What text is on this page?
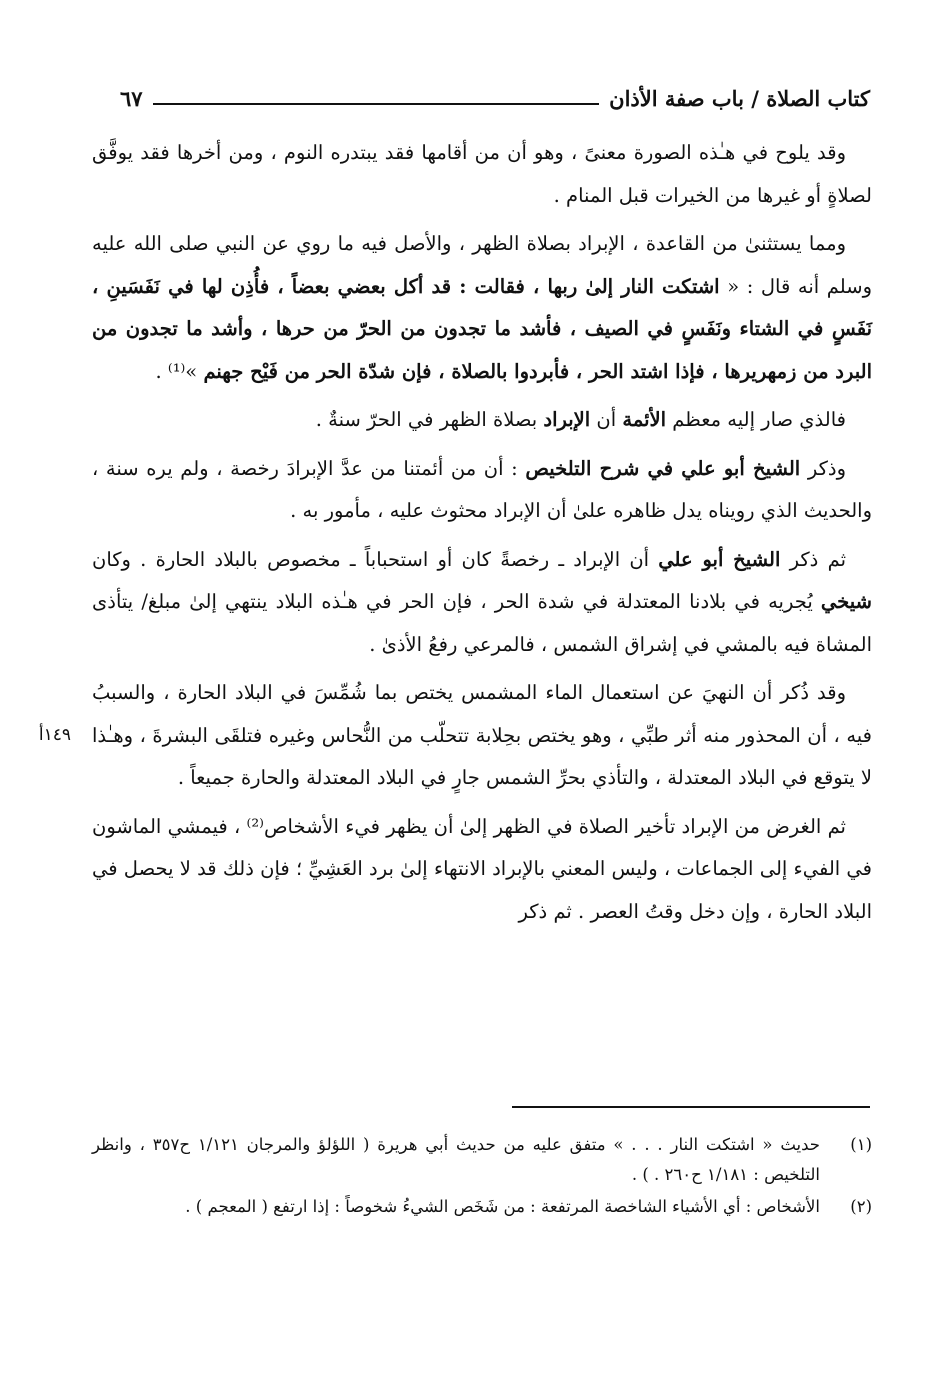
كتاب الصلاة / باب صفة الأذان
٦٧

وقد يلوح في هـٰذه الصورة معنىً ، وهو أن من أقامها فقد يبتدره النوم ، ومن أخرها فقد يوفَّق لصلاةٍ أو غيرها من الخيرات قبل المنام .

ومما يستثنىٰ من القاعدة ، الإبراد بصلاة الظهر ، والأصل فيه ما روي عن النبي صلى الله عليه وسلم أنه قال : « اشتكت النار إلىٰ ربها ، فقالت : قد أكل بعضي بعضاً ، فأُذِن لها في نَفَسَينِ ، نَفَسٍ في الشتاء ونَفَسٍ في الصيف ، فأشد ما تجدون من الحرّ من حرها ، وأشد ما تجدون من البرد من زمهريرها ، فإذا اشتد الحر ، فأبردوا بالصلاة ، فإن شدّة الحر من فَيْح جهنم »⁽¹⁾ .

فالذي صار إليه معظم الأئمة أن الإبراد بصلاة الظهر في الحرّ سنةٌ .

وذكر الشيخ أبو علي في شرح التلخيص : أن من أئمتنا من عدَّ الإبرادَ رخصة ، ولم يره سنة ، والحديث الذي رويناه يدل ظاهره علىٰ أن الإبراد محثوث عليه ، مأمور به .

ثم ذكر الشيخ أبو علي أن الإبراد ـ رخصةً كان أو استحباباً ـ مخصوص بالبلاد الحارة . وكان شيخي يُجريه في بلادنا المعتدلة في شدة الحر ، فإن الحر في هـٰذه البلاد ينتهي إلىٰ مبلغ/ يتأذى المشاة فيه بالمشي في إشراق الشمس ، فالمرعي رفعُ الأذىٰ .

وقد ذُكر أن النهيَ عن استعمال الماء المشمس يختص بما شُمِّسَ في البلاد الحارة ، والسببُ فيه ، أن المحذور منه أثر طبِّي ، وهو يختص بحِلابة تتحلّب من النُّحاس وغيره فتلقَى البشرةَ ، وهـٰذا لا يتوقع في البلاد المعتدلة ، والتأذي بحرِّ الشمس جارٍ في البلاد المعتدلة والحارة جميعاً .

ثم الغرض من الإبراد تأخير الصلاة في الظهر إلىٰ أن يظهر فيء الأشخاص⁽²⁾ ، فيمشي الماشون في الفيء إلى الجماعات ، وليس المعني بالإبراد الانتهاء إلىٰ برد العَشِيِّ ؛ فإن ذلك قد لا يحصل في البلاد الحارة ، وإن دخل وقتُ العصر . ثم ذكر

١٤٩أ
(١)
حديث « اشتكت النار . . . » متفق عليه من حديث أبي هريرة ( اللؤلؤ والمرجان ١/١٢١ ح٣٥٧ ، وانظر التلخيص : ١/١٨١ ح٢٦٠ . ) .
(٢)
الأشخاص : أي الأشياء الشاخصة المرتفعة : من شَخَص الشيءُ شخوصاً : إذا ارتفع ( المعجم ) .
